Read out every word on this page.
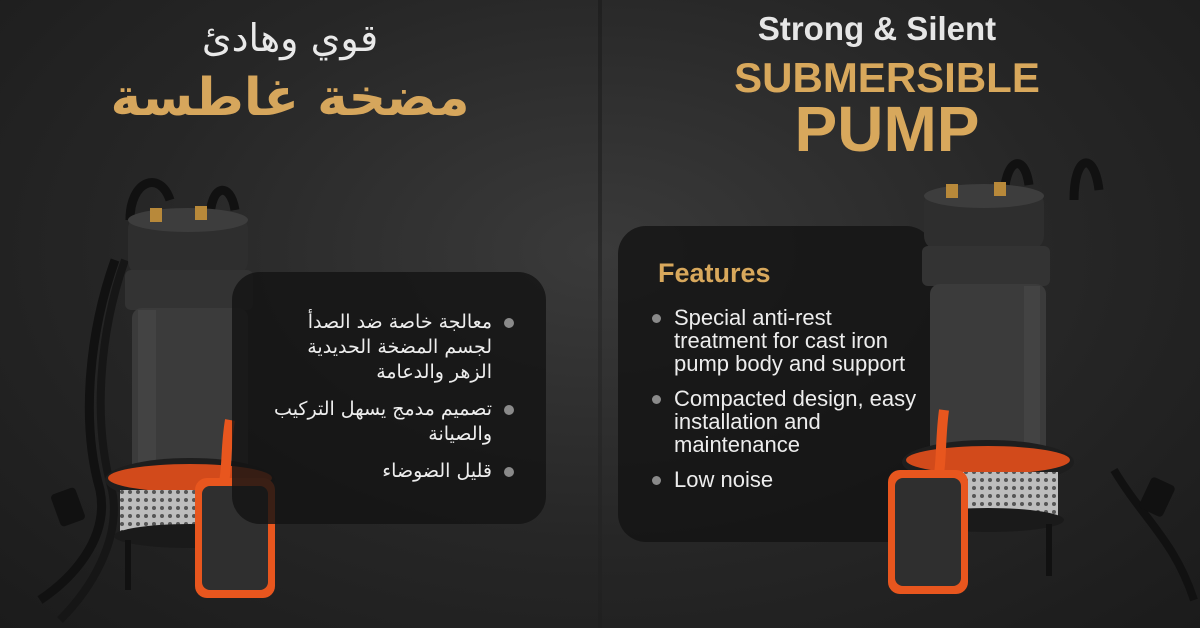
قوي وهادئ
مضخة غاطسة
معالجة خاصة ضد الصدأ لجسم المضخة الحديدية الزهر والدعامة
تصميم مدمج يسهل التركيب والصيانة
قليل الضوضاء
Strong & Silent
SUBMERSIBLE
PUMP
Features
Special anti-rest treatment for cast iron pump body and support
Compacted design, easy installation and maintenance
Low noise
